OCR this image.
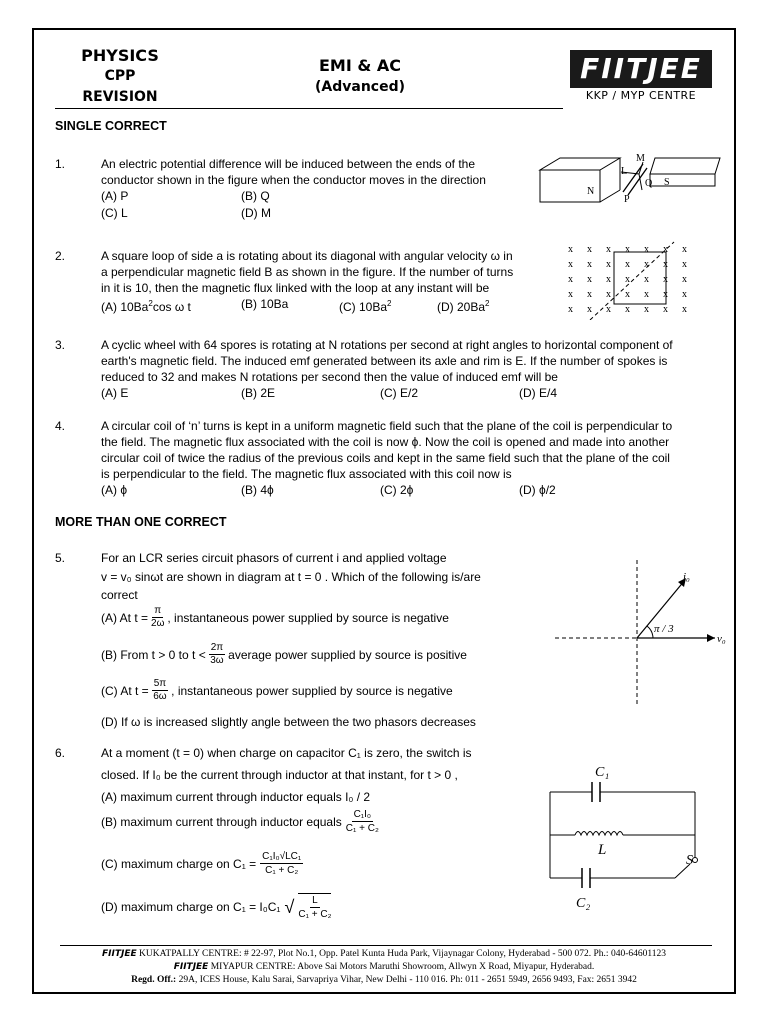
PHYSICS
CPP
REVISION
EMI & AC
(Advanced)
FIITJEE
KKP / MYP CENTRE
SINGLE CORRECT
1.	An electric potential difference will be induced between the ends of the
conductor shown in the figure when the conductor moves in the direction
(A) P	(B) Q
(C) L	(D) M
M
L
Q S
N
P
2.	A square loop of side a is rotating about its diagonal with angular velocity ω in
a perpendicular magnetic field B as shown in the figure. If the number of turns
in it is 10, then the magnetic flux linked with the loop at any instant will be
(A) 10Ba$^2$cos ω t	(B) 10Ba	(C) 10Ba$^2$	(D) 20Ba$^2$
x x x x x x x
x x x x x x x
x x x x x x x
x x x x x x x
x x x x x x x
3.	A cyclic wheel with 64 spores is rotating at N rotations per second at right angles to horizontal component of
earth's magnetic field. The induced emf generated between its axle and rim is E. If the number of spokes is
reduced to 32 and makes N rotations per second then the value of induced emf will be
(A) E	(B) 2E	(C) E/2	(D) E/4
4.	A circular coil of ‘n’ turns is kept in a uniform magnetic field such that the plane of the coil is perpendicular to
the field. The magnetic flux associated with the coil is now ϕ. Now the coil is opened and made into another
circular coil of twice the radius of the previous coils and kept in the same field such that the plane of the coil
is perpendicular to the field. The magnetic flux associated with this coil now is
(A) ϕ	(B) 4ϕ	(C) 2ϕ	(D) ϕ/2
MORE THAN ONE CORRECT
5.	For an LCR series circuit phasors of current i and applied voltage
v = v₀ sinωt are shown in diagram at t = 0 . Which of the following is/are
correct
(A) At $t = \frac{\pi}{2\omega}$ , instantaneous power supplied by source is negative
(B) From t > 0 to t < 2π
3ω average power supplied by source is positive
(C) At $t = \frac{5\pi}{6\omega}$ , instantaneous power supplied by source is negative
(D) If ω is increased slightly angle between the two phasors decreases
i₀
v₀
π / 3
6.	At a moment (t = 0) when charge on capacitor C₁ is zero, the switch is
closed. If I₀ be the current through inductor at that instant, for t > 0 ,
(A) maximum current through inductor equals I₀ / 2
(B) maximum current through inductor equals C₁I₀
C₁ + C₂
(C) maximum charge on $C_1 = \frac{\text{C₁I₀√LC₁}}{\text{C₁ + C₂}}$
(D) maximum charge on C₁ = I₀C₁ √ L
C₁ + C₂
C₁
L
S
C₂
FIITJEE KUKATPALLY CENTRE: # 22-97, Plot No.1, Opp. Patel Kunta Huda Park, Vijaynagar Colony, Hyderabad - 500 072. Ph.: 040-64601123
FIITJEE MIYAPUR CENTRE: Above Sai Motors Maruthi Showroom, Allwyn X Road, Miyapur, Hyderabad.
Regd. Off.: 29A, ICES House, Kalu Sarai, Sarvapriya Vihar, New Delhi - 110 016. Ph: 011 - 2651 5949, 2656 9493, Fax: 2651 3942
